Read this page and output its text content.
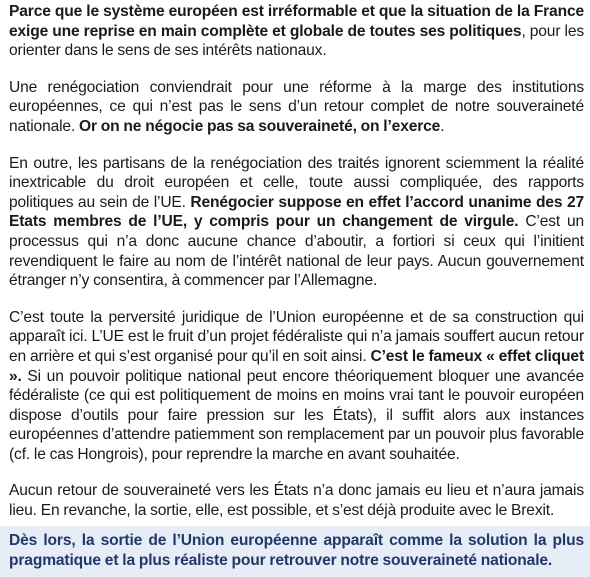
Parce que le système européen est irréformable et que la situation de la France exige une reprise en main complète et globale de toutes ses politiques, pour les orienter dans le sens de ses intérêts nationaux.

Une renégociation conviendrait pour une réforme à la marge des institutions européennes, ce qui n’est pas le sens d’un retour complet de notre souveraineté nationale. Or on ne négocie pas sa souveraineté, on l’exerce.

En outre, les partisans de la renégociation des traités ignorent sciemment la réalité inextricable du droit européen et celle, toute aussi compliquée, des rapports politiques au sein de l’UE. Renégocier suppose en effet l’accord unanime des 27 Etats membres de l’UE, y compris pour un changement de virgule. C’est un processus qui n’a donc aucune chance d’aboutir, a fortiori si ceux qui l’initient revendiquent le faire au nom de l’intérêt national de leur pays. Aucun gouvernement étranger n’y consentira, à commencer par l’Allemagne.

C’est toute la perversité juridique de l’Union européenne et de sa construction qui apparaît ici. L’UE est le fruit d’un projet fédéraliste qui n’a jamais souffert aucun retour en arrière et qui s’est organisé pour qu’il en soit ainsi. C’est le fameux « effet cliquet ». Si un pouvoir politique national peut encore théoriquement bloquer une avancée fédéraliste (ce qui est politiquement de moins en moins vrai tant le pouvoir européen dispose d’outils pour faire pression sur les États), il suffit alors aux instances européennes d’attendre patiemment son remplacement par un pouvoir plus favorable (cf. le cas Hongrois), pour reprendre la marche en avant souhaitée.

Aucun retour de souveraineté vers les États n’a donc jamais eu lieu et n’aura jamais lieu. En revanche, la sortie, elle, est possible, et s’est déjà produite avec le Brexit.

Dès lors, la sortie de l’Union européenne apparaît comme la solution la plus pragmatique et la plus réaliste pour retrouver notre souveraineté nationale.
